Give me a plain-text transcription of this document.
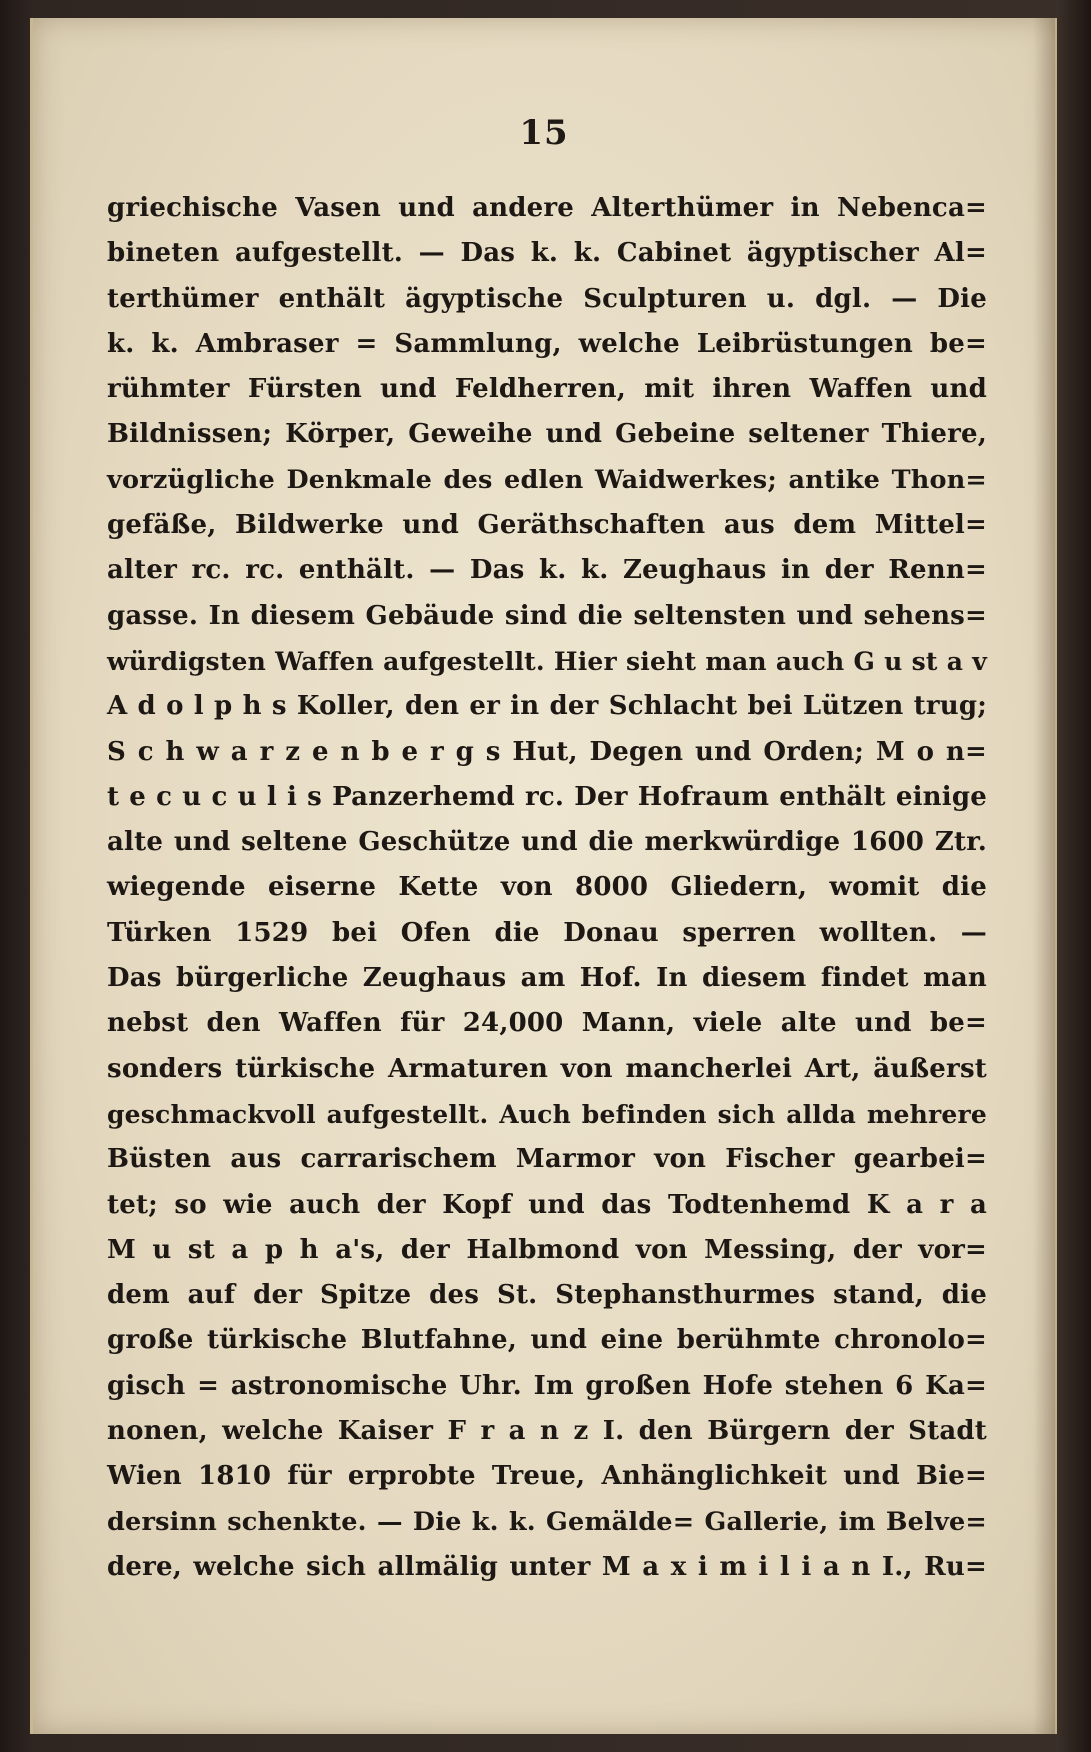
15
griechische Vasen und andere Alterthümer in Nebenca=
bineten aufgestellt. — Das k. k. Cabinet ägyptischer Al=
terthümer enthält ägyptische Sculpturen u. dgl. — Die
k. k. Ambraser = Sammlung, welche Leibrüstungen be=
rühmter Fürsten und Feldherren, mit ihren Waffen und
Bildnissen; Körper, Geweihe und Gebeine seltener Thiere,
vorzügliche Denkmale des edlen Waidwerkes; antike Thon=
gefäße, Bildwerke und Geräthschaften aus dem Mittel=
alter rc. rc. enthält. — Das k. k. Zeughaus in der Renn=
gasse. In diesem Gebäude sind die seltensten und sehens=
würdigsten Waffen aufgestellt. Hier sieht man auch G u st a v
A d o l p h s Koller, den er in der Schlacht bei Lützen trug;
S c h w a r z e n b e r g s Hut, Degen und Orden; M o n=
t e c u c u l i s Panzerhemd rc. Der Hofraum enthält einige
alte und seltene Geschütze und die merkwürdige 1600 Ztr.
wiegende eiserne Kette von 8000 Gliedern, womit die
Türken 1529 bei Ofen die Donau sperren wollten. —
Das bürgerliche Zeughaus am Hof. In diesem findet man
nebst den Waffen für 24,000 Mann, viele alte und be=
sonders türkische Armaturen von mancherlei Art, äußerst
geschmackvoll aufgestellt. Auch befinden sich allda mehrere
Büsten aus carrarischem Marmor von Fischer gearbei=
tet; so wie auch der Kopf und das Todtenhemd K a r a
M u st a p h a's, der Halbmond von Messing, der vor=
dem auf der Spitze des St. Stephansthurmes stand, die
große türkische Blutfahne, und eine berühmte chronolo=
gisch = astronomische Uhr. Im großen Hofe stehen 6 Ka=
nonen, welche Kaiser F r a n z I. den Bürgern der Stadt
Wien 1810 für erprobte Treue, Anhänglichkeit und Bie=
dersinn schenkte. — Die k. k. Gemälde= Gallerie, im Belve=
dere, welche sich allmälig unter M a x i m i l i a n I., Ru=
